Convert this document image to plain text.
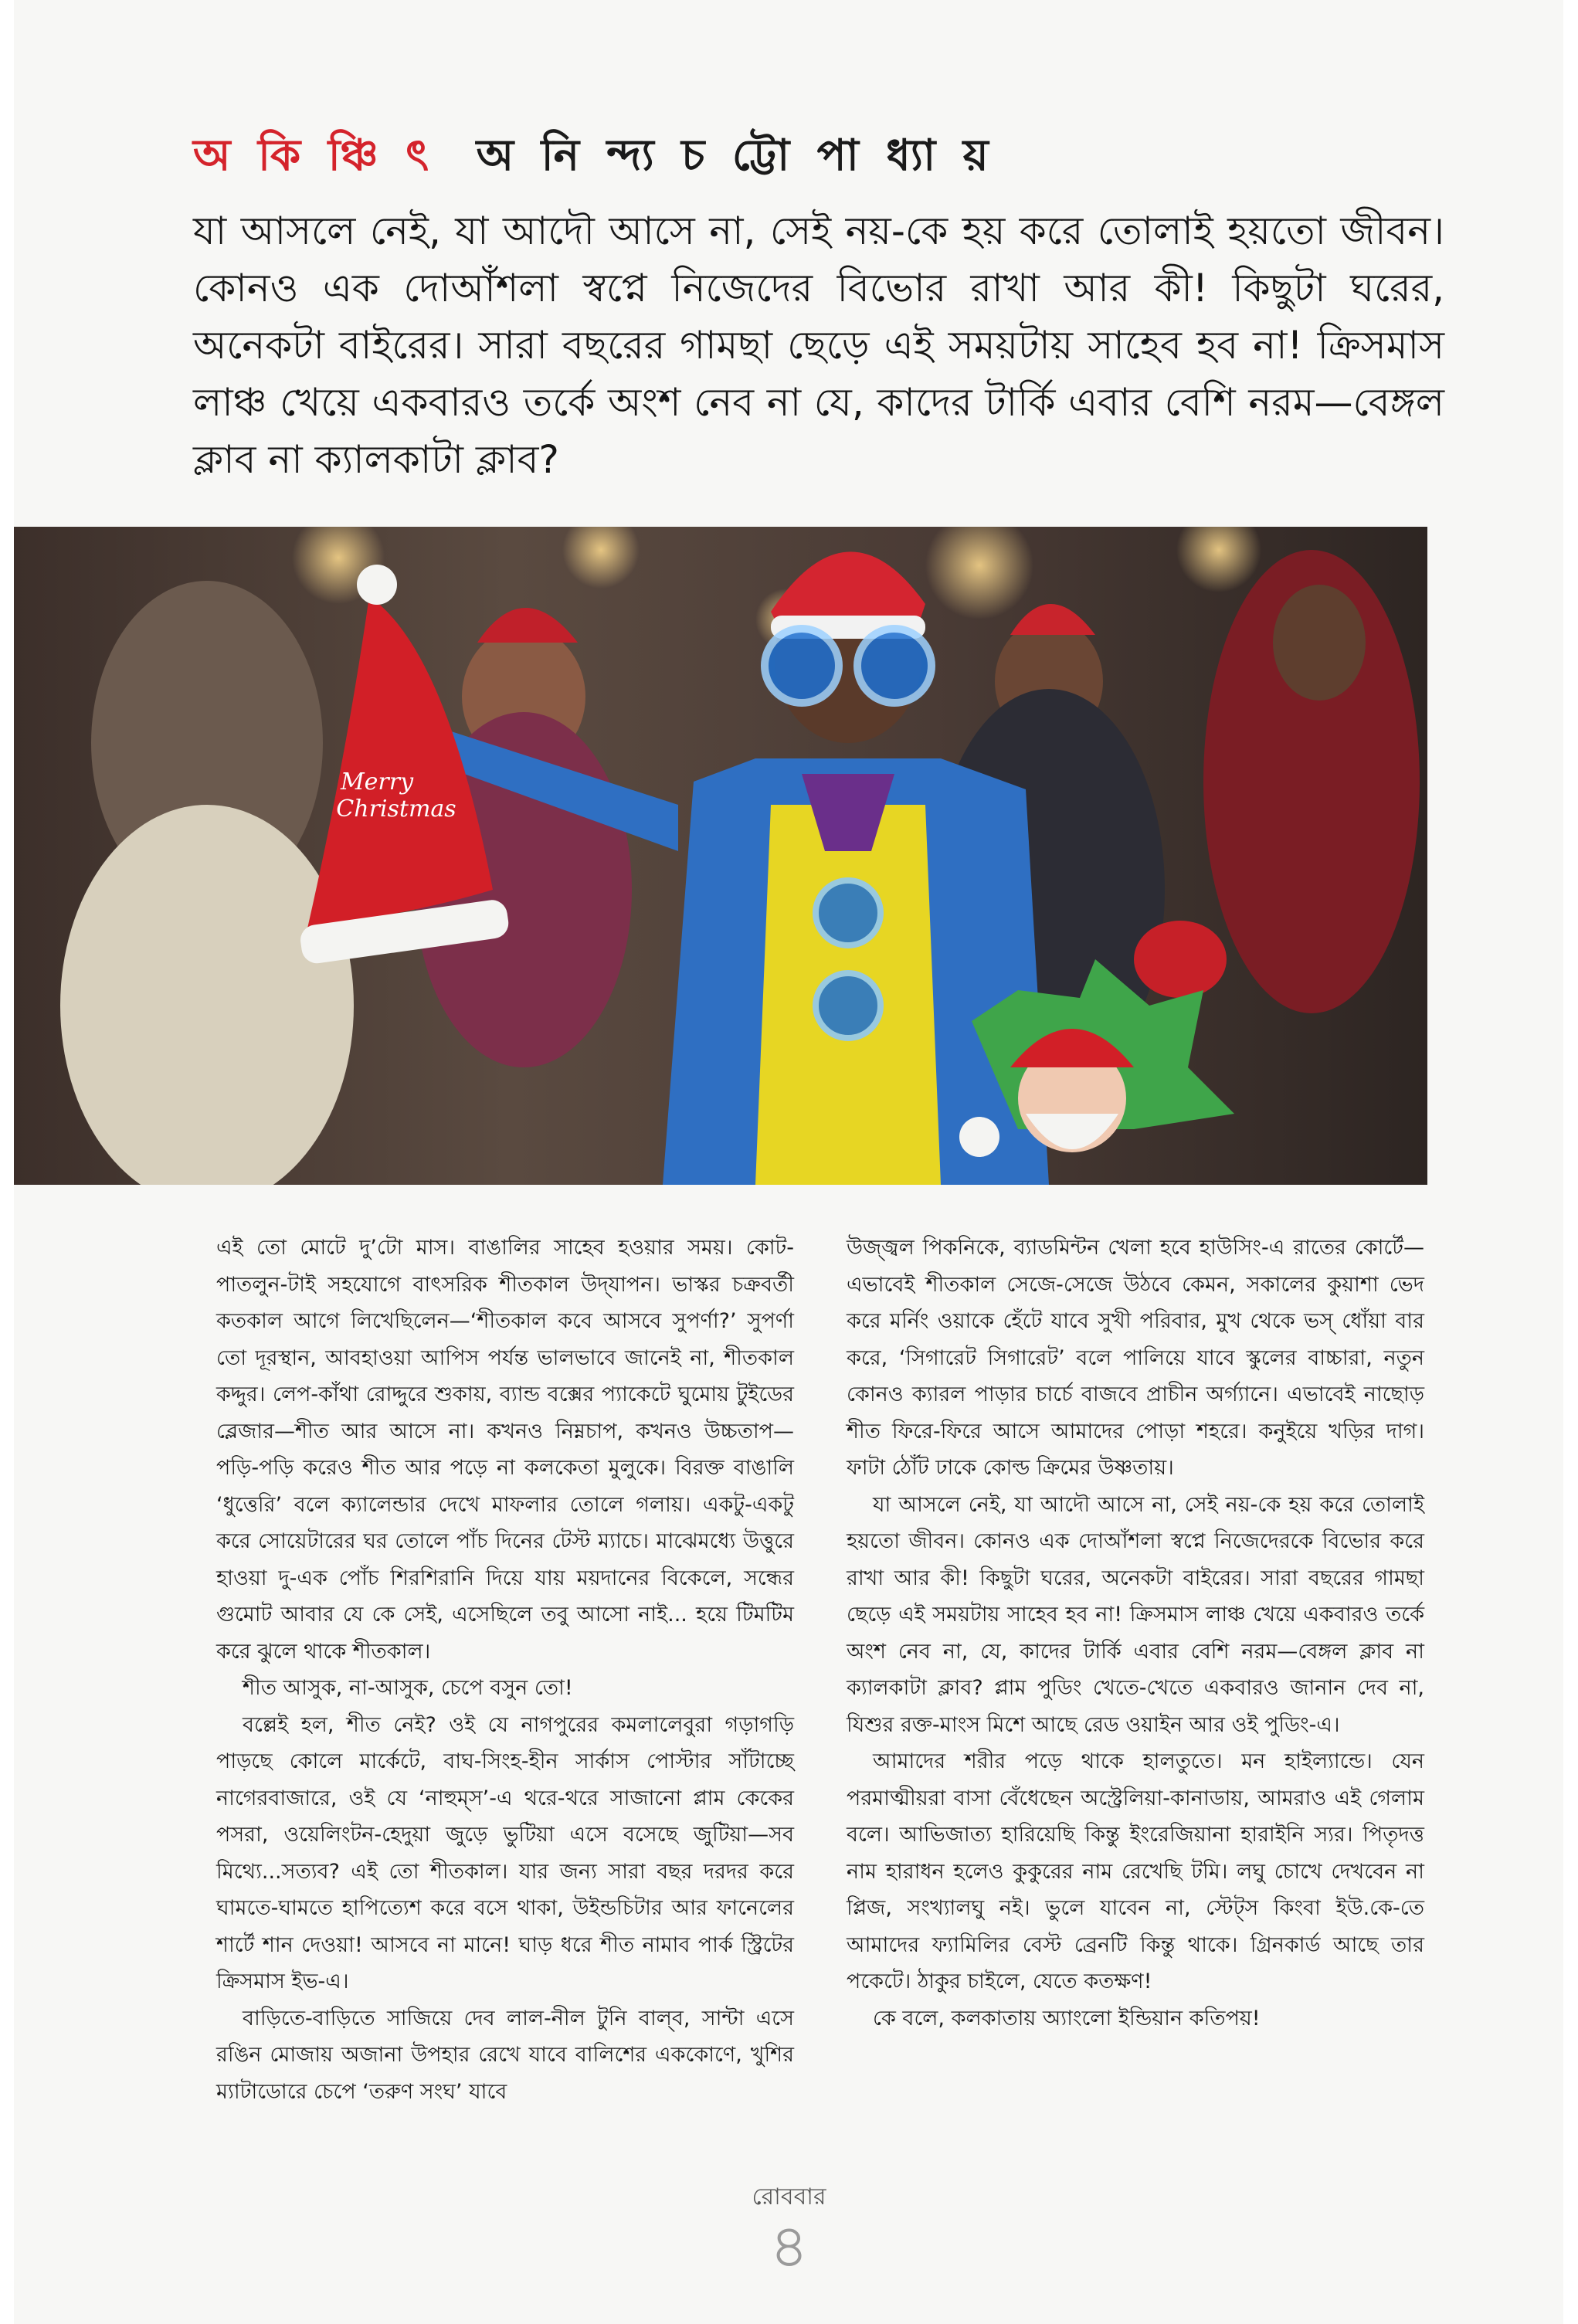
অ কি ঞ্চি ৎ অ নি ন্দ্য চ ট্টো পা ধ্যা য়

যা আসলে নেই, যা আদৌ আসে না, সেই নয়-কে হয় করে তোলাই হয়তো জীবন। কোনও এক দোআঁশলা স্বপ্নে নিজেদের বিভোর রাখা আর কী! কিছুটা ঘরের, অনেকটা বাইরের। সারা বছরের গামছা ছেড়ে এই সময়টায় সাহেব হব না! ক্রিসমাস লাঞ্চ খেয়ে একবারও তর্কে অংশ নেব না যে, কাদের টার্কি এবার বেশি নরম—বেঙ্গল ক্লাব না ক্যালকাটা ক্লাব?

Merry
Christmas

এই তো মোটে দু’টো মাস। বাঙালির সাহেব হওয়ার সময়। কোট-পাতলুন-টাই সহযোগে বাৎসরিক শীতকাল উদ্‌যাপন। ভাস্কর চক্রবর্তী কতকাল আগে লিখেছিলেন—‘শীতকাল কবে আসবে সুপর্ণা?’ সুপর্ণা তো দূরস্থান, আবহাওয়া আপিস পর্যন্ত ভালভাবে জানেই না, শীতকাল কদ্দুর। লেপ-কাঁথা রোদ্দুরে শুকায়, ব্যান্ড বক্সের প্যাকেটে ঘুমোয় টুইডের ব্লেজার—শীত আর আসে না। কখনও নিম্নচাপ, কখনও উচ্চতাপ—পড়ি-পড়ি করেও শীত আর পড়ে না কলকেতা মুলুকে। বিরক্ত বাঙালি ‘ধুত্তেরি’ বলে ক্যালেন্ডার দেখে মাফলার তোলে গলায়। একটু-একটু করে সোয়েটারের ঘর তোলে পাঁচ দিনের টেস্ট ম্যাচে। মাঝেমধ্যে উত্তুরে হাওয়া দু-এক পোঁচ শিরশিরানি দিয়ে যায় ময়দানের বিকেলে, সন্ধের গুমোট আবার যে কে সেই, এসেছিলে তবু আসো নাই... হয়ে টিমটিম করে ঝুলে থাকে শীতকাল।

শীত আসুক, না-আসুক, চেপে বসুন তো!

বল্লেই হল, শীত নেই? ওই যে নাগপুরের কমলালেবুরা গড়াগড়ি পাড়ছে কোলে মার্কেটে, বাঘ-সিংহ-হীন সার্কাস পোস্টার সাঁটাচ্ছে নাগেরবাজারে, ওই যে ‘নাহুম্স’-এ থরে-থরে সাজানো প্লাম কেকের পসরা, ওয়েলিংটন-হেদুয়া জুড়ে ভুটিয়া এসে বসেছে জুটিয়া—সব মিথ্যে...সত্যব? এই তো শীতকাল। যার জন্য সারা বছর দরদর করে ঘামতে-ঘামতে হাপিত্যেশ করে বসে থাকা, উইন্ডচিটার আর ফানেলের শার্টে শান দেওয়া! আসবে না মানে! ঘাড় ধরে শীত নামাব পার্ক স্ট্রিটের ক্রিসমাস ইভ-এ।

বাড়িতে-বাড়িতে সাজিয়ে দেব লাল-নীল টুনি বাল্‌ব, সান্টা এসে রঙিন মোজায় অজানা উপহার রেখে যাবে বালিশের এককোণে, খুশির ম্যাটাডোরে চেপে ‘তরুণ সংঘ’ যাবে

উজ্জ্বল পিকনিকে, ব্যাডমিন্টন খেলা হবে হাউসিং-এ রাতের কোর্টে—এভাবেই শীতকাল সেজে-সেজে উঠবে কেমন, সকালের কুয়াশা ভেদ করে মর্নিং ওয়াকে হেঁটে যাবে সুখী পরিবার, মুখ থেকে ভস্‌ ধোঁয়া বার করে, ‘সিগারেট সিগারেট’ বলে পালিয়ে যাবে স্কুলের বাচ্চারা, নতুন কোনও ক্যারল পাড়ার চার্চে বাজবে প্রাচীন অর্গ্যানে। এভাবেই নাছোড় শীত ফিরে-ফিরে আসে আমাদের পোড়া শহরে। কনুইয়ে খড়ির দাগ। ফাটা ঠোঁট ঢাকে কোল্ড ক্রিমের উষ্ণতায়।

যা আসলে নেই, যা আদৌ আসে না, সেই নয়-কে হয় করে তোলাই হয়তো জীবন। কোনও এক দোআঁশলা স্বপ্নে নিজেদেরকে বিভোর করে রাখা আর কী! কিছুটা ঘরের, অনেকটা বাইরের। সারা বছরের গামছা ছেড়ে এই সময়টায় সাহেব হব না! ক্রিসমাস লাঞ্চ খেয়ে একবারও তর্কে অংশ নেব না, যে, কাদের টার্কি এবার বেশি নরম—বেঙ্গল ক্লাব না ক্যালকাটা ক্লাব? প্লাম পুডিং খেতে-খেতে একবারও জানান দেব না, যিশুর রক্ত-মাংস মিশে আছে রেড ওয়াইন আর ওই পুডিং-এ।

আমাদের শরীর পড়ে থাকে হালতুতে। মন হাইল্যান্ডে। যেন পরমাত্মীয়রা বাসা বেঁধেছেন অস্ট্রেলিয়া-কানাডায়, আমরাও এই গেলাম বলে। আভিজাত্য হারিয়েছি কিন্তু ইংরেজিয়ানা হারাইনি স্যর। পিতৃদত্ত নাম হারাধন হলেও কুকুরের নাম রেখেছি টমি। লঘু চোখে দেখবেন না প্লিজ, সংখ্যালঘু নই। ভুলে যাবেন না, স্টেট্‌স কিংবা ইউ.কে-তে আমাদের ফ্যামিলির বেস্ট ব্রেনটি কিন্তু থাকে। গ্রিনকার্ড আছে তার পকেটে। ঠাকুর চাইলে, যেতে কতক্ষণ!

কে বলে, কলকাতায় অ্যাংলো ইন্ডিয়ান কতিপয়!

রোববার
৪
